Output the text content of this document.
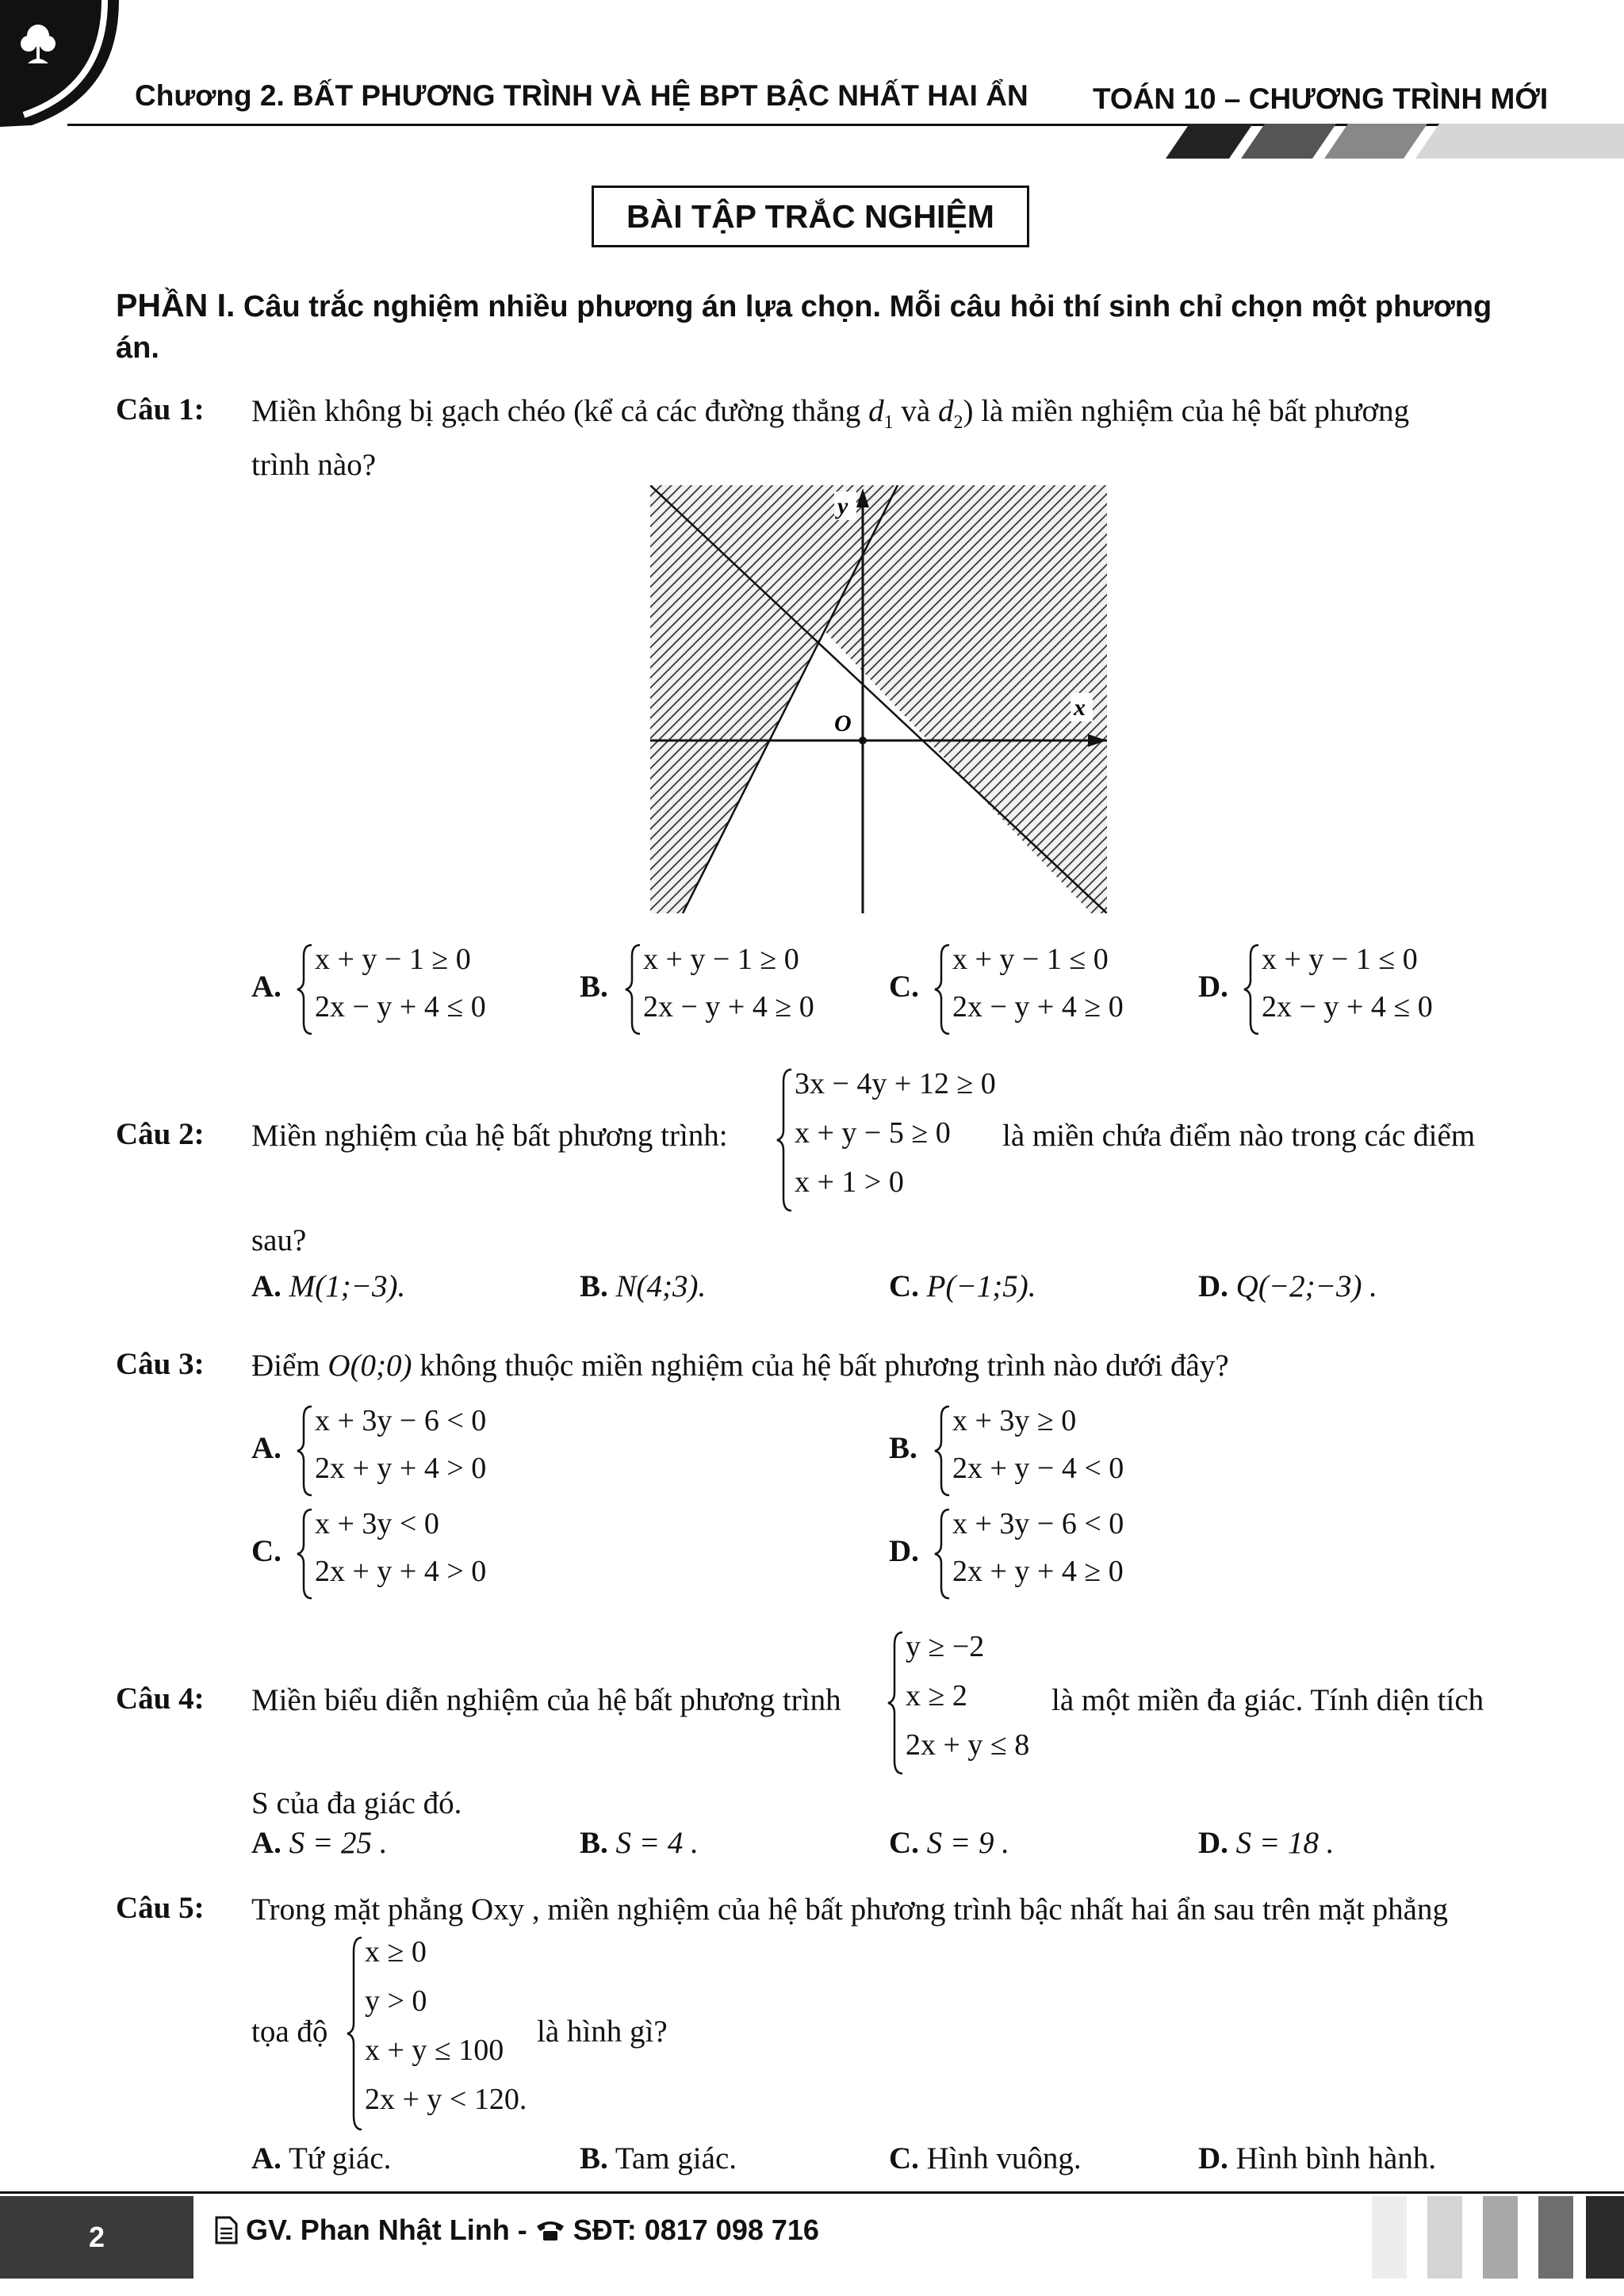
Chương 2. BẤT PHƯƠNG TRÌNH VÀ HỆ BPT BẬC NHẤT HAI ẨN TOÁN 10 – CHƯƠNG TRÌNH MỚI
BÀI TẬP TRẮC NGHIỆM
PHẦN I. Câu trắc nghiệm nhiều phương án lựa chọn. Mỗi câu hỏi thí sinh chỉ chọn một phương
án.
Câu 1: Miền không bị gạch chéo (kể cả các đường thẳng $d_1$ và $d_2$) là miền nghiệm của hệ bất phương
trình nào?
y
x
O
A.
x + y − 1 ≥ 0
2x − y + 4 ≤ 0
B.
x + y − 1 ≥ 0
2x − y + 4 ≥ 0
C.
x + y − 1 ≤ 0
2x − y + 4 ≥ 0
D.
x + y − 1 ≤ 0
2x − y + 4 ≤ 0
Câu 2: Miền nghiệm của hệ bất phương trình:
3x − 4y + 12 ≥ 0
x + y − 5 ≥ 0
x + 1 > 0
là miền chứa điểm nào trong các điểm
sau?
A. M(1;−3).	B. N(4;3).	C. P(−1;5).	D. Q(−2;−3) .
Câu 3: Điểm O(0;0) không thuộc miền nghiệm của hệ bất phương trình nào dưới đây?
A.
x + 3y − 6 < 0
2x + y + 4 > 0
B.
x + 3y ≥ 0
2x + y − 4 < 0
C.
x + 3y < 0
2x + y + 4 > 0
D.
x + 3y − 6 < 0
2x + y + 4 ≥ 0
Câu 4: Miền biểu diễn nghiệm của hệ bất phương trình
y ≥ −2
x ≥ 2
2x + y ≤ 8
là một miền đa giác. Tính diện tích
S của đa giác đó.
A. S = 25 .	B. S = 4 .	C. S = 9 .	D. S = 18 .
Câu 5: Trong mặt phẳng Oxy , miền nghiệm của hệ bất phương trình bậc nhất hai ẩn sau trên mặt phẳng
tọa độ
x ≥ 0
y > 0
x + y ≤ 100
2x + y < 120.
là hình gì?
A. Tứ giác.	B. Tam giác.	C. Hình vuông.	D. Hình bình hành.
2	GV. Phan Nhật Linh - SĐT: 0817 098 716
